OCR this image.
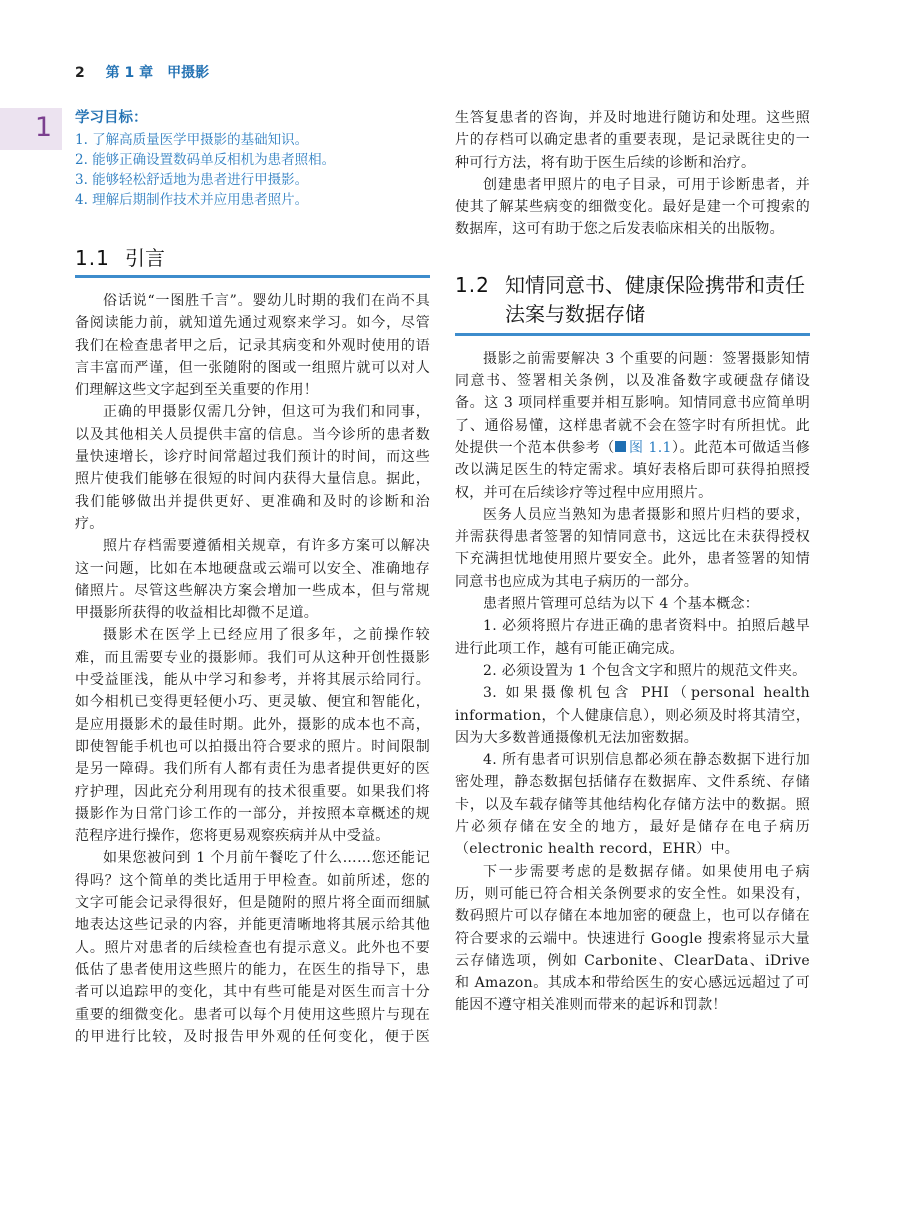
2 第 1 章　甲摄影
1 学习目标：

1. 了解高质量医学甲摄影的基础知识。

2. 能够正确设置数码单反相机为患者照相。

3. 能够轻松舒适地为患者进行甲摄影。

4. 理解后期制作技术并应用患者照片。

1.1 引言

俗话说“一图胜千言”。婴幼儿时期的我们在尚不具备阅读能力前，就知道先通过观察来学习。如今，尽管我们在检查患者甲之后，记录其病变和外观时使用的语言丰富而严谨，但一张随附的图或一组照片就可以对人们理解这些文字起到至关重要的作用！

正确的甲摄影仅需几分钟，但这可为我们和同事，以及其他相关人员提供丰富的信息。当今诊所的患者数量快速增长，诊疗时间常超过我们预计的时间，而这些照片使我们能够在很短的时间内获得大量信息。据此，我们能够做出并提供更好、更准确和及时的诊断和治疗。

照片存档需要遵循相关规章，有许多方案可以解决这一问题，比如在本地硬盘或云端可以安全、准确地存储照片。尽管这些解决方案会增加一些成本，但与常规甲摄影所获得的收益相比却微不足道。

摄影术在医学上已经应用了很多年，之前操作较难，而且需要专业的摄影师。我们可从这种开创性摄影中受益匪浅，能从中学习和参考，并将其展示给同行。如今相机已变得更轻便小巧、更灵敏、便宜和智能化，是应用摄影术的最佳时期。此外，摄影的成本也不高，即使智能手机也可以拍摄出符合要求的照片。时间限制是另一障碍。我们所有人都有责任为患者提供更好的医疗护理，因此充分利用现有的技术很重要。如果我们将摄影作为日常门诊工作的一部分，并按照本章概述的规范程序进行操作，您将更易观察疾病并从中受益。

如果您被问到 1 个月前午餐吃了什么……您还能记得吗？这个简单的类比适用于甲检查。如前所述，您的文字可能会记录得很好，但是随附的照片将全面而细腻地表达这些记录的内容，并能更清晰地将其展示给其他人。照片对患者的后续检查也有提示意义。此外也不要低估了患者使用这些照片的能力，在医生的指导下，患者可以追踪甲的变化，其中有些可能是对医生而言十分重要的细微变化。患者可以每个月使用这些照片与现在的甲进行比较，及时报告甲外观的任何变化，便于医

生答复患者的咨询，并及时地进行随访和处理。这些照片的存档可以确定患者的重要表现，是记录既往史的一种可行方法，将有助于医生后续的诊断和治疗。

创建患者甲照片的电子目录，可用于诊断患者，并使其了解某些病变的细微变化。最好是建一个可搜索的数据库，这可有助于您之后发表临床相关的出版物。

1.2 知情同意书、健康保险携带和责任法案与数据存储

摄影之前需要解决 3 个重要的问题：签署摄影知情同意书、签署相关条例，以及准备数字或硬盘存储设备。这 3 项同样重要并相互影响。知情同意书应简单明了、通俗易懂，这样患者就不会在签字时有所担忧。此处提供一个范本供参考（ 图 1.1）。此范本可做适当修改以满足医生的特定需求。填好表格后即可获得拍照授权，并可在后续诊疗等过程中应用照片。

医务人员应当熟知为患者摄影和照片归档的要求，并需获得患者签署的知情同意书，这远比在未获得授权下充满担忧地使用照片要安全。此外，患者签署的知情同意书也应成为其电子病历的一部分。

患者照片管理可总结为以下 4 个基本概念：

1. 必须将照片存进正确的患者资料中。拍照后越早进行此项工作，越有可能正确完成。

2. 必须设置为 1 个包含文字和照片的规范文件夹。

3. 如果摄像机包含 PHI（personal health information，个人健康信息），则必须及时将其清空，因为大多数普通摄像机无法加密数据。

4. 所有患者可识别信息都必须在静态数据下进行加密处理，静态数据包括储存在数据库、文件系统、存储卡，以及车载存储等其他结构化存储方法中的数据。照片必须存储在安全的地方，最好是储存在电子病历（electronic health record，EHR）中。

下一步需要考虑的是数据存储。如果使用电子病历，则可能已符合相关条例要求的安全性。如果没有，数码照片可以存储在本地加密的硬盘上，也可以存储在符合要求的云端中。快速进行 Google 搜索将显示大量云存储选项，例如 Carbonite、ClearData、iDrive 和 Amazon。其成本和带给医生的安心感远远超过了可能因不遵守相关准则而带来的起诉和罚款！
